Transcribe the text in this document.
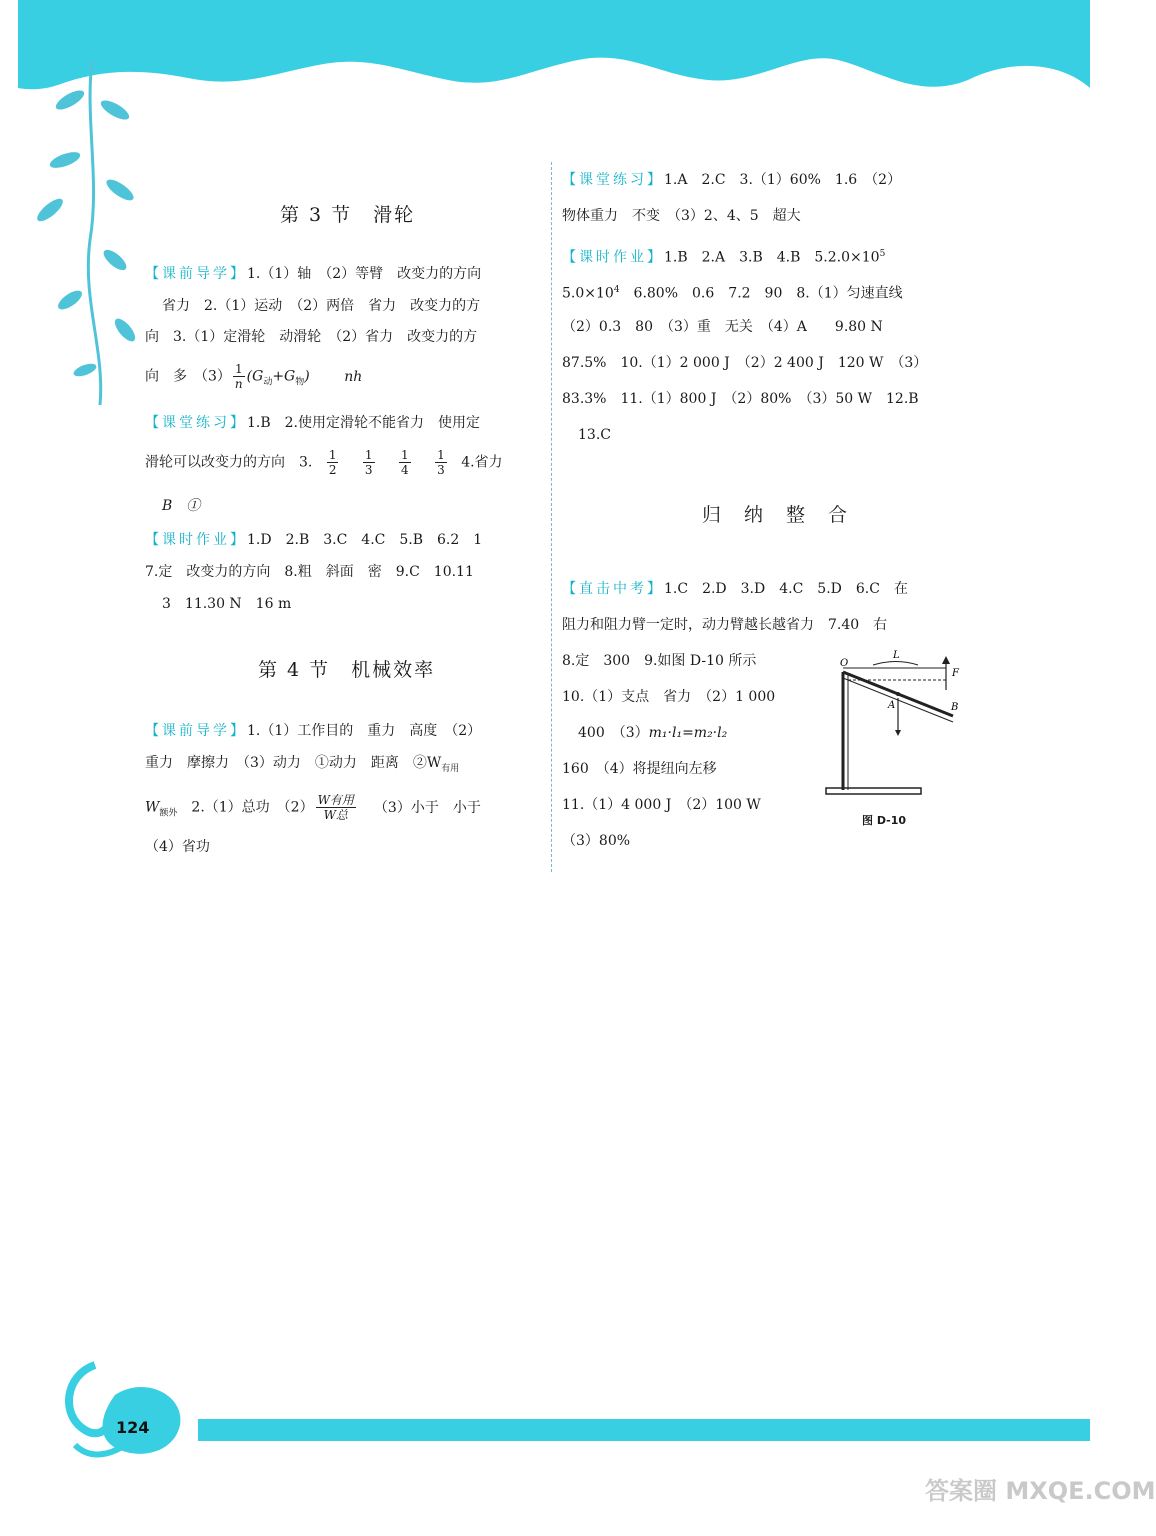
第 3 节　滑轮
【课前导学】1.（1）轴　（2）等臂　改变力的方向
省力　2.（1）运动　（2）两倍　省力　改变力的方
向　3.（1）定滑轮　动滑轮　（2）省力　改变力的方
向　多　$(3) \frac{1}{n} (G_动+G_物)$ nh
【课堂练习】1.B　2.使用定滑轮不能省力　使用定
滑轮可以改变力的方向　3. $\frac{1}{2}$
$\frac{1}{3}$
$\frac{1}{4}$
$\frac{1}{3} 4$.省力
B　①
【课时作业】1.D　2.B　3.C　4.C　5.B　6.2　1
7.定　改变力的方向　8.粗　斜面　密　9.C　10.11
3　11.30 N　16 m
第 4 节　机械效率
【课前导学】1.（1）工作目的　重力　高度　（2）
重力　摩擦力　（3）动力　①动力　距离　$②W_{有用}$
$W_{额外}$　2.（1）总功　$(2) \frac{\text{W有用}}{\text{W总}} (3)$小于　小于
（4）省功
【课堂练习】1.A　2.C　3.（1）60%　1.6　（2）
物体重力　不变　（3）2、4、5　超大
【课时作业】1.B　2.A　3.B　4.B　$5.2.0\times 10^5$
$5.0\times 10^4$　6.80%　0.6　7.2　90　8.（1）匀速直线
（2）0.3　80　（3）重　无关　（4）A　　9.80 N
87.5%　10.（1）2 000 J　（2）2 400 J　120 W　（3）
83.3%　11.（1）800 J　（2）80%　（3）50 W　12.B
13.C
归　纳　整　合
【直击中考】1.C　2.D　3.D　4.C　5.D　6.C　在
阻力和阻力臂一定时，动力臂越长越省力　7.40　右
8.定　300　9.如图 D-10 所示
10.（1）支点　省力　（2）1 000
400　（3）m₁·l₁=m₂·l₂
160　（4）将提纽向左移
11.（1）4 000 J　（2）100 W
（3）80%
O
L
F
A	B
图 D-10
124
答案圈 MXQE.COM
